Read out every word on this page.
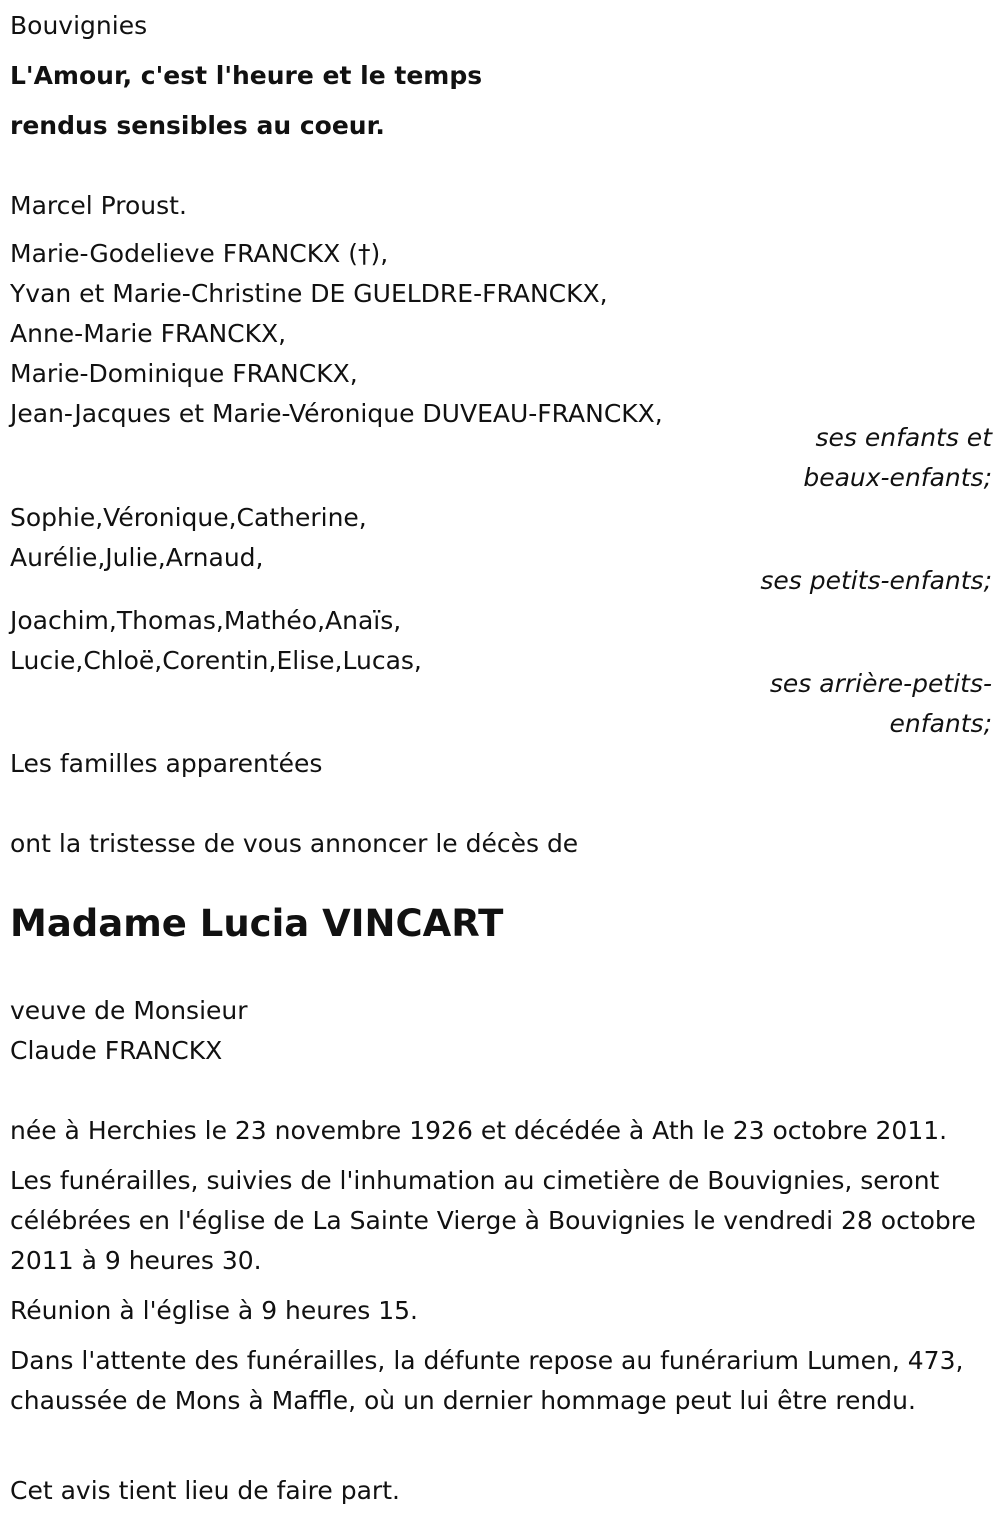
Bouvignies
L'Amour, c'est l'heure et le temps
rendus sensibles au coeur.
Marcel Proust.
Marie-Godelieve FRANCKX (†),
Yvan et Marie-Christine DE GUELDRE-FRANCKX,
Anne-Marie FRANCKX,
Marie-Dominique FRANCKX,
Jean-Jacques et Marie-Véronique DUVEAU-FRANCKX,
ses enfants et
beaux-enfants;
Sophie,Véronique,Catherine,
Aurélie,Julie,Arnaud,
ses petits-enfants;
Joachim,Thomas,Mathéo,Anaïs,
Lucie,Chloë,Corentin,Elise,Lucas,
ses arrière-petits-
enfants;
Les familles apparentées
ont la tristesse de vous annoncer le décès de
Madame Lucia VINCART
veuve de Monsieur
Claude FRANCKX
née à Herchies le 23 novembre 1926 et décédée à Ath le 23 octobre 2011.
Les funérailles, suivies de l'inhumation au cimetière de Bouvignies, seront célébrées en l'église de La Sainte Vierge à Bouvignies le vendredi 28 octobre 2011 à 9 heures 30.
Réunion à l'église à 9 heures 15.
Dans l'attente des funérailles, la défunte repose au funérarium Lumen, 473, chaussée de Mons à Maffle, où un dernier hommage peut lui être rendu.
Cet avis tient lieu de faire part.
